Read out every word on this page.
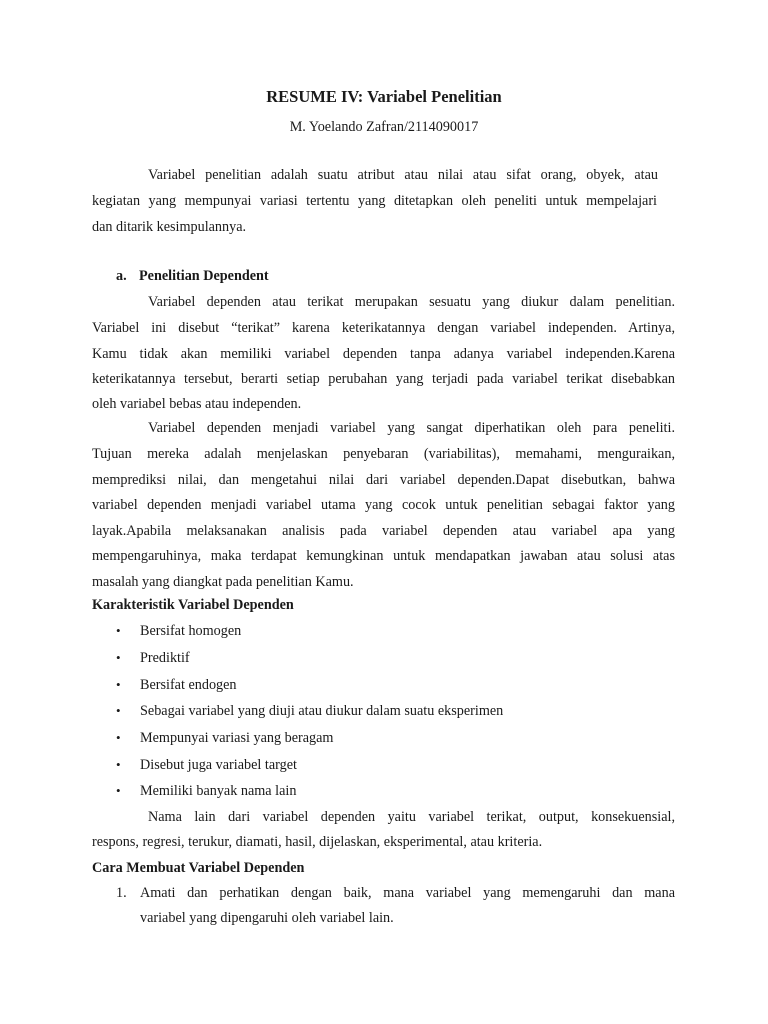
RESUME IV: Variabel Penelitian

M. Yoelando Zafran/2114090017

Variabel penelitian adalah suatu atribut atau nilai atau sifat orang, obyek, atau

kegiatan yang mempunyai variasi tertentu yang ditetapkan oleh peneliti untuk mempelajari

dan ditarik kesimpulannya.

a. Penelitian Dependent

Variabel dependen atau terikat merupakan sesuatu yang diukur dalam penelitian.

Variabel ini disebut “terikat” karena keterikatannya dengan variabel independen. Artinya,

Kamu tidak akan memiliki variabel dependen tanpa adanya variabel independen.Karena

keterikatannya tersebut, berarti setiap perubahan yang terjadi pada variabel terikat disebabkan

oleh variabel bebas atau independen.

Variabel dependen menjadi variabel yang sangat diperhatikan oleh para peneliti.

Tujuan mereka adalah menjelaskan penyebaran (variabilitas), memahami, menguraikan,

memprediksi nilai, dan mengetahui nilai dari variabel dependen.Dapat disebutkan, bahwa

variabel dependen menjadi variabel utama yang cocok untuk penelitian sebagai faktor yang

layak.Apabila melaksanakan analisis pada variabel dependen atau variabel apa yang

mempengaruhinya, maka terdapat kemungkinan untuk mendapatkan jawaban atau solusi atas

masalah yang diangkat pada penelitian Kamu.

Karakteristik Variabel Dependen
• Bersifat homogen
• Prediktif
• Bersifat endogen
• Sebagai variabel yang diuji atau diukur dalam suatu eksperimen
• Mempunyai variasi yang beragam
• Disebut juga variabel target
• Memiliki banyak nama lain

Nama lain dari variabel dependen yaitu variabel terikat, output, konsekuensial,

respons, regresi, terukur, diamati, hasil, dijelaskan, eksperimental, atau kriteria.

Cara Membuat Variabel Dependen
1. Amati dan perhatikan dengan baik, mana variabel yang memengaruhi dan mana

variabel yang dipengaruhi oleh variabel lain.
